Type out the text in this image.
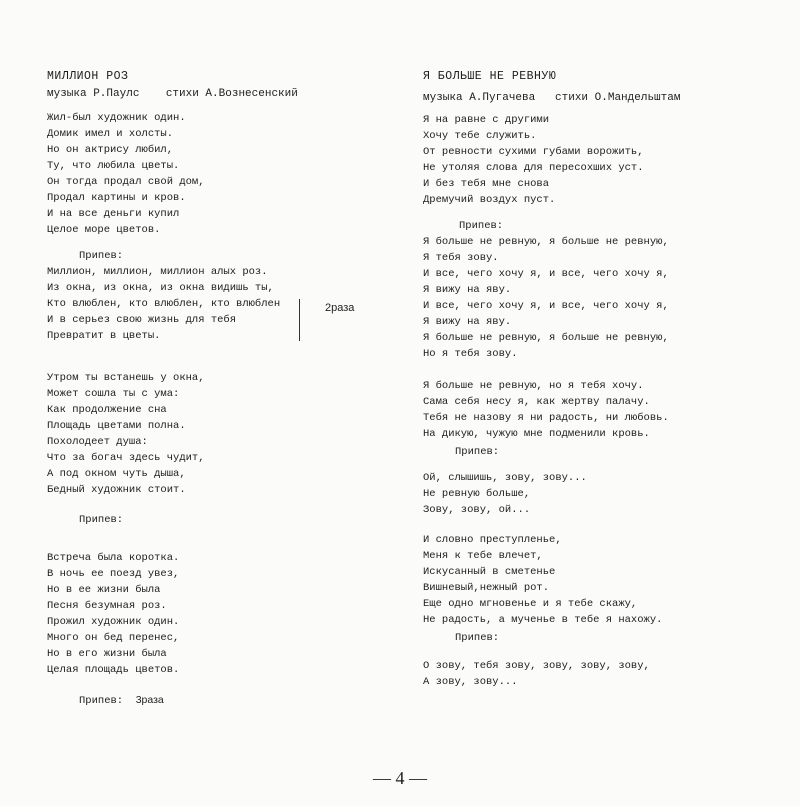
МИЛЛИОН РОЗ
музыка Р.Паулс стихи А.Вознесенский
Жил-был художник один.
Домик имел и холсты.
Но он актрису любил,
Ту, что любила цветы.
Он тогда продал свой дом,
Продал картины и кров.
И на все деньги купил
Целое море цветов.
Припев:
Миллион, миллион, миллион алых роз.
Из окна, из окна, из окна видишь ты,
Кто влюблен, кто влюблен, кто влюблен
И в серьез свою жизнь для тебя
Превратит в цветы.
Утром ты встанешь у окна,
Может сошла ты с ума:
Как продолжение сна
Площадь цветами полна.
Похолодеет душа:
Что за богач здесь чудит,
А под окном чуть дыша,
Бедный художник стоит.
Припев:
Встреча была коротка.
В ночь ее поезд увез,
Но в ее жизни была
Песня безумная роз.
Прожил художник один.
Много он бед перенес,
Но в его жизни была
Целая площадь цветов.
Припев: 3раза
2раза
Я БОЛЬШЕ НЕ РЕВНУЮ
музыка А.Пугачева стихи О.Мандельштам
Я на равне с другими
Хочу тебе служить.
От ревности сухими губами ворожить,
Не утоляя слова для пересохших уст.
И без тебя мне снова
Дремучий воздух пуст.
Припев:
Я больше не ревную, я больше не ревную,
Я тебя зову.
И все, чего хочу я, и все, чего хочу я,
Я вижу на яву.
И все, чего хочу я, и все, чего хочу я,
Я вижу на яву.
Я больше не ревную, я больше не ревную,
Но я тебя зову.
Я больше не ревную, но я тебя хочу.
Сама себя несу я, как жертву палачу.
Тебя не назову я ни радость, ни любовь.
На дикую, чужую мне подменили кровь.
Припев:
Ой, слышишь, зову, зову...
Не ревную больше,
Зову, зову, ой...
И словно преступленье,
Меня к тебе влечет,
Искусанный в сметенье
Вишневый,нежный рот.
Еще одно мгновенье и я тебе скажу,
Не радость, а мученье в тебе я нахожу.
Припев:
О зову, тебя зову, зову, зову, зову,
А зову, зову...
— 4 —
